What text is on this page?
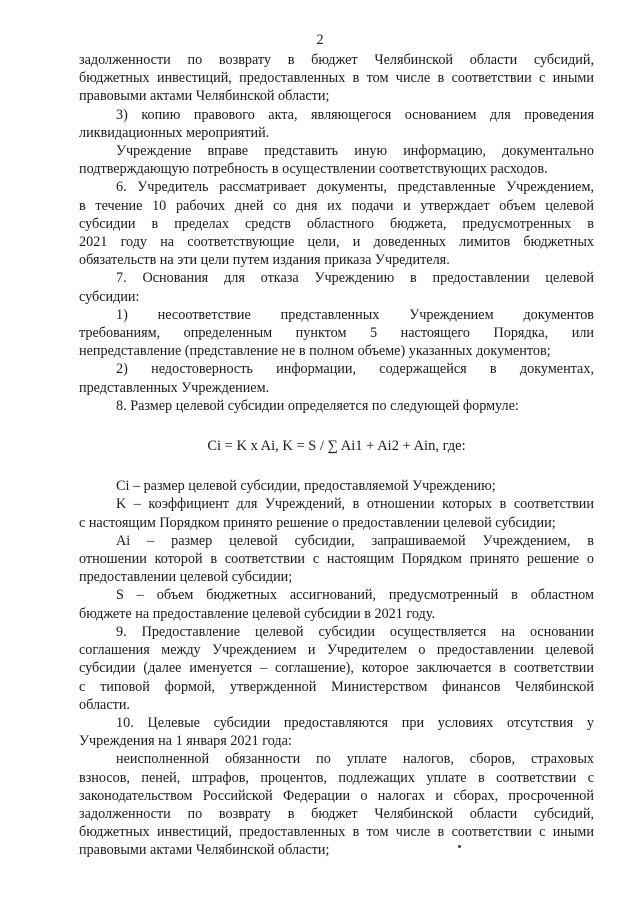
2
задолженности по возврату в бюджет Челябинской области субсидий,
бюджетных инвестиций, предоставленных в том числе в соответствии с иными
правовыми актами Челябинской области;
3) копию правового акта, являющегося основанием для проведения
ликвидационных мероприятий.
Учреждение вправе представить иную информацию, документально
подтверждающую потребность в осуществлении соответствующих расходов.
6. Учредитель рассматривает документы, представленные Учреждением,
в течение 10 рабочих дней со дня их подачи и утверждает объем целевой
субсидии в пределах средств областного бюджета, предусмотренных в
2021 году на соответствующие цели, и доведенных лимитов бюджетных
обязательств на эти цели путем издания приказа Учредителя.
7. Основания для отказа Учреждению в предоставлении целевой
субсидии:
1) несоответствие представленных Учреждением документов
требованиям, определенным пунктом 5 настоящего Порядка, или
непредставление (представление не в полном объеме) указанных документов;
2) недостоверность информации, содержащейся в документах,
представленных Учреждением.
8. Размер целевой субсидии определяется по следующей формуле:
Ci = K x Ai, K = S / ∑ Ai1 + Ai2 + Ain, где:
Ci – размер целевой субсидии, предоставляемой Учреждению;
K – коэффициент для Учреждений, в отношении которых в соответствии
с настоящим Порядком принято решение о предоставлении целевой субсидии;
Ai – размер целевой субсидии, запрашиваемой Учреждением, в
отношении которой в соответствии с настоящим Порядком принято решение о
предоставлении целевой субсидии;
S – объем бюджетных ассигнований, предусмотренный в областном
бюджете на предоставление целевой субсидии в 2021 году.
9. Предоставление целевой субсидии осуществляется на основании
соглашения между Учреждением и Учредителем о предоставлении целевой
субсидии (далее именуется – соглашение), которое заключается в соответствии
с типовой формой, утвержденной Министерством финансов Челябинской
области.
10. Целевые субсидии предоставляются при условиях отсутствия у
Учреждения на 1 января 2021 года:
неисполненной обязанности по уплате налогов, сборов, страховых
взносов, пеней, штрафов, процентов, подлежащих уплате в соответствии с
законодательством Российской Федерации о налогах и сборах, просроченной
задолженности по возврату в бюджет Челябинской области субсидий,
бюджетных инвестиций, предоставленных в том числе в соответствии с иными
правовыми актами Челябинской области;
